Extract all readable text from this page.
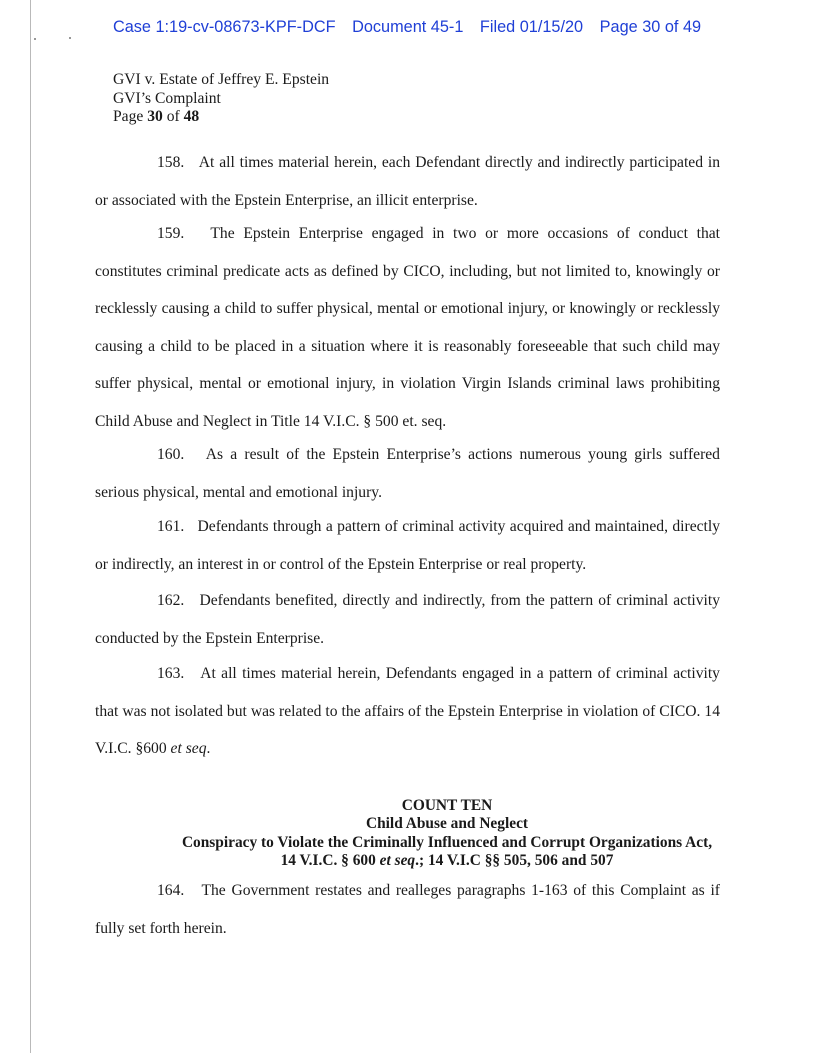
Case 1:19-cv-08673-KPF-DCF Document 45-1 Filed 01/15/20 Page 30 of 49
GVI v. Estate of Jeffrey E. Epstein
GVI’s Complaint
Page 30 of 48

158. At all times material herein, each Defendant directly and indirectly participated in or associated with the Epstein Enterprise, an illicit enterprise.

159. The Epstein Enterprise engaged in two or more occasions of conduct that constitutes criminal predicate acts as defined by CICO, including, but not limited to, knowingly or recklessly causing a child to suffer physical, mental or emotional injury, or knowingly or recklessly causing a child to be placed in a situation where it is reasonably foreseeable that such child may suffer physical, mental or emotional injury, in violation Virgin Islands criminal laws prohibiting Child Abuse and Neglect in Title 14 V.I.C. § 500 et. seq.

160. As a result of the Epstein Enterprise’s actions numerous young girls suffered serious physical, mental and emotional injury.

161. Defendants through a pattern of criminal activity acquired and maintained, directly or indirectly, an interest in or control of the Epstein Enterprise or real property.

162. Defendants benefited, directly and indirectly, from the pattern of criminal activity conducted by the Epstein Enterprise.

163. At all times material herein, Defendants engaged in a pattern of criminal activity that was not isolated but was related to the affairs of the Epstein Enterprise in violation of CICO. 14 V.I.C. §600 et seq.

COUNT TEN
Child Abuse and Neglect
Conspiracy to Violate the Criminally Influenced and Corrupt Organizations Act,
14 V.I.C. § 600 et seq.; 14 V.I.C §§ 505, 506 and 507

164. The Government restates and realleges paragraphs 1-163 of this Complaint as if fully set forth herein.
